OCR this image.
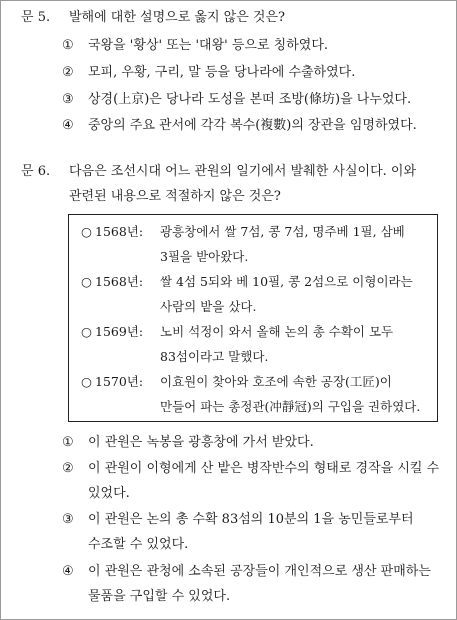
문 5. 발해에 대한 설명으로 옳지 않은 것은?
① 국왕을 '황상' 또는 '대왕' 등으로 칭하였다.
② 모피, 우황, 구리, 말 등을 당나라에 수출하였다.
③ 상경(上京)은 당나라 도성을 본떠 조방(條坊)을 나누었다.
④ 중앙의 주요 관서에 각각 복수(複數)의 장관을 임명하였다.
문 6. 다음은 조선시대 어느 관원의 일기에서 발췌한 사실이다. 이와
관련된 내용으로 적절하지 않은 것은?
○ 1568년: 광흥창에서 쌀 7섬, 콩 7섬, 명주베 1필, 삼베
3필을 받아왔다.
○ 1568년: 쌀 4섬 5되와 베 10필, 콩 2섬으로 이형이라는
사람의 밭을 샀다.
○ 1569년: 노비 석정이 와서 올해 논의 총 수확이 모두
83섬이라고 말했다.
○ 1570년: 이효원이 찾아와 호조에 속한 공장(工匠)이
만들어 파는 총정관(冲靜冠)의 구입을 권하였다.
① 이 관원은 녹봉을 광흥창에 가서 받았다.
② 이 관원이 이형에게 산 밭은 병작반수의 형태로 경작을 시킬 수
있었다.
③ 이 관원은 논의 총 수확 83섬의 10분의 1을 농민들로부터
수조할 수 있었다.
④ 이 관원은 관청에 소속된 공장들이 개인적으로 생산 판매하는
물품을 구입할 수 있었다.
